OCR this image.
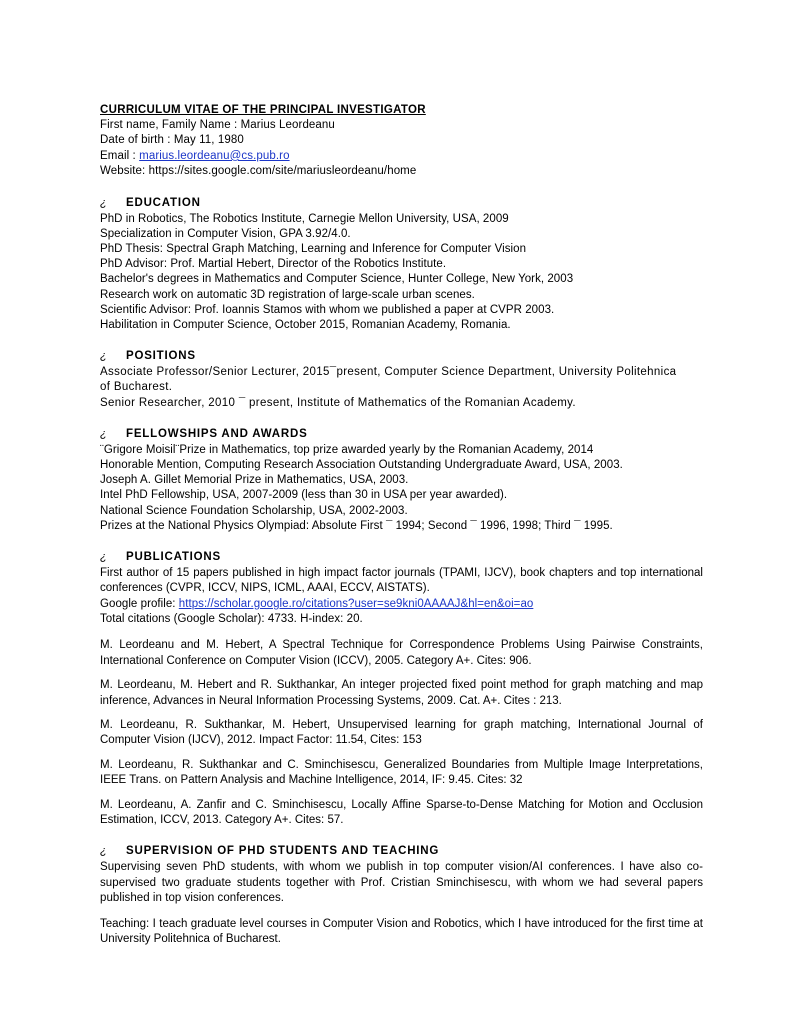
CURRICULUM VITAE OF THE PRINCIPAL INVESTIGATOR
First name, Family Name : Marius Leordeanu
Date of birth : May 11, 1980
Email : marius.leordeanu@cs.pub.ro
Website: https://sites.google.com/site/mariusleordeanu/home
¿ EDUCATION
PhD in Robotics, The Robotics Institute, Carnegie Mellon University, USA, 2009
Specialization in Computer Vision, GPA 3.92/4.0.
PhD Thesis: Spectral Graph Matching, Learning and Inference for Computer Vision
PhD Advisor: Prof. Martial Hebert, Director of the Robotics Institute.
Bachelor's degrees in Mathematics and Computer Science, Hunter College, New York, 2003
Research work on automatic 3D registration of large-scale urban scenes.
Scientific Advisor: Prof. Ioannis Stamos with whom we published a paper at CVPR 2003.
Habilitation in Computer Science, October 2015, Romanian Academy, Romania.
¿ POSITIONS
Associate Professor/Senior Lecturer, 2015¯present, Computer Science Department, University Politehnica
of Bucharest.
Senior Researcher, 2010 ¯ present, Institute of Mathematics of the Romanian Academy.
¿ FELLOWSHIPS AND AWARDS
¨Grigore Moisil¨Prize in Mathematics, top prize awarded yearly by the Romanian Academy, 2014
Honorable Mention, Computing Research Association Outstanding Undergraduate Award, USA, 2003.
Joseph A. Gillet Memorial Prize in Mathematics, USA, 2003.
Intel PhD Fellowship, USA, 2007-2009 (less than 30 in USA per year awarded).
National Science Foundation Scholarship, USA, 2002-2003.
Prizes at the National Physics Olympiad: Absolute First ¯ 1994; Second ¯ 1996, 1998; Third ¯ 1995.
¿ PUBLICATIONS
First author of 15 papers published in high impact factor journals (TPAMI, IJCV), book chapters and top international conferences (CVPR, ICCV, NIPS, ICML, AAAI, ECCV, AISTATS).
Google profile: https://scholar.google.ro/citations?user=se9kni0AAAAJ&hl=en&oi=ao
Total citations (Google Scholar): 4733. H-index: 20.
M. Leordeanu and M. Hebert, A Spectral Technique for Correspondence Problems Using Pairwise Constraints, International Conference on Computer Vision (ICCV), 2005. Category A+. Cites: 906.
M. Leordeanu, M. Hebert and R. Sukthankar, An integer projected fixed point method for graph matching and map inference, Advances in Neural Information Processing Systems, 2009. Cat. A+. Cites : 213.
M. Leordeanu, R. Sukthankar, M. Hebert, Unsupervised learning for graph matching, International Journal of Computer Vision (IJCV), 2012. Impact Factor: 11.54, Cites: 153
M. Leordeanu, R. Sukthankar and C. Sminchisescu, Generalized Boundaries from Multiple Image Interpretations, IEEE Trans. on Pattern Analysis and Machine Intelligence, 2014, IF: 9.45. Cites: 32
M. Leordeanu, A. Zanfir and C. Sminchisescu, Locally Affine Sparse-to-Dense Matching for Motion and Occlusion Estimation, ICCV, 2013. Category A+. Cites: 57.
¿ SUPERVISION OF PHD STUDENTS AND TEACHING
Supervising seven PhD students, with whom we publish in top computer vision/AI conferences. I have also co-supervised two graduate students together with Prof. Cristian Sminchisescu, with whom we had several papers published in top vision conferences.
Teaching: I teach graduate level courses in Computer Vision and Robotics, which I have introduced for the first time at University Politehnica of Bucharest.
